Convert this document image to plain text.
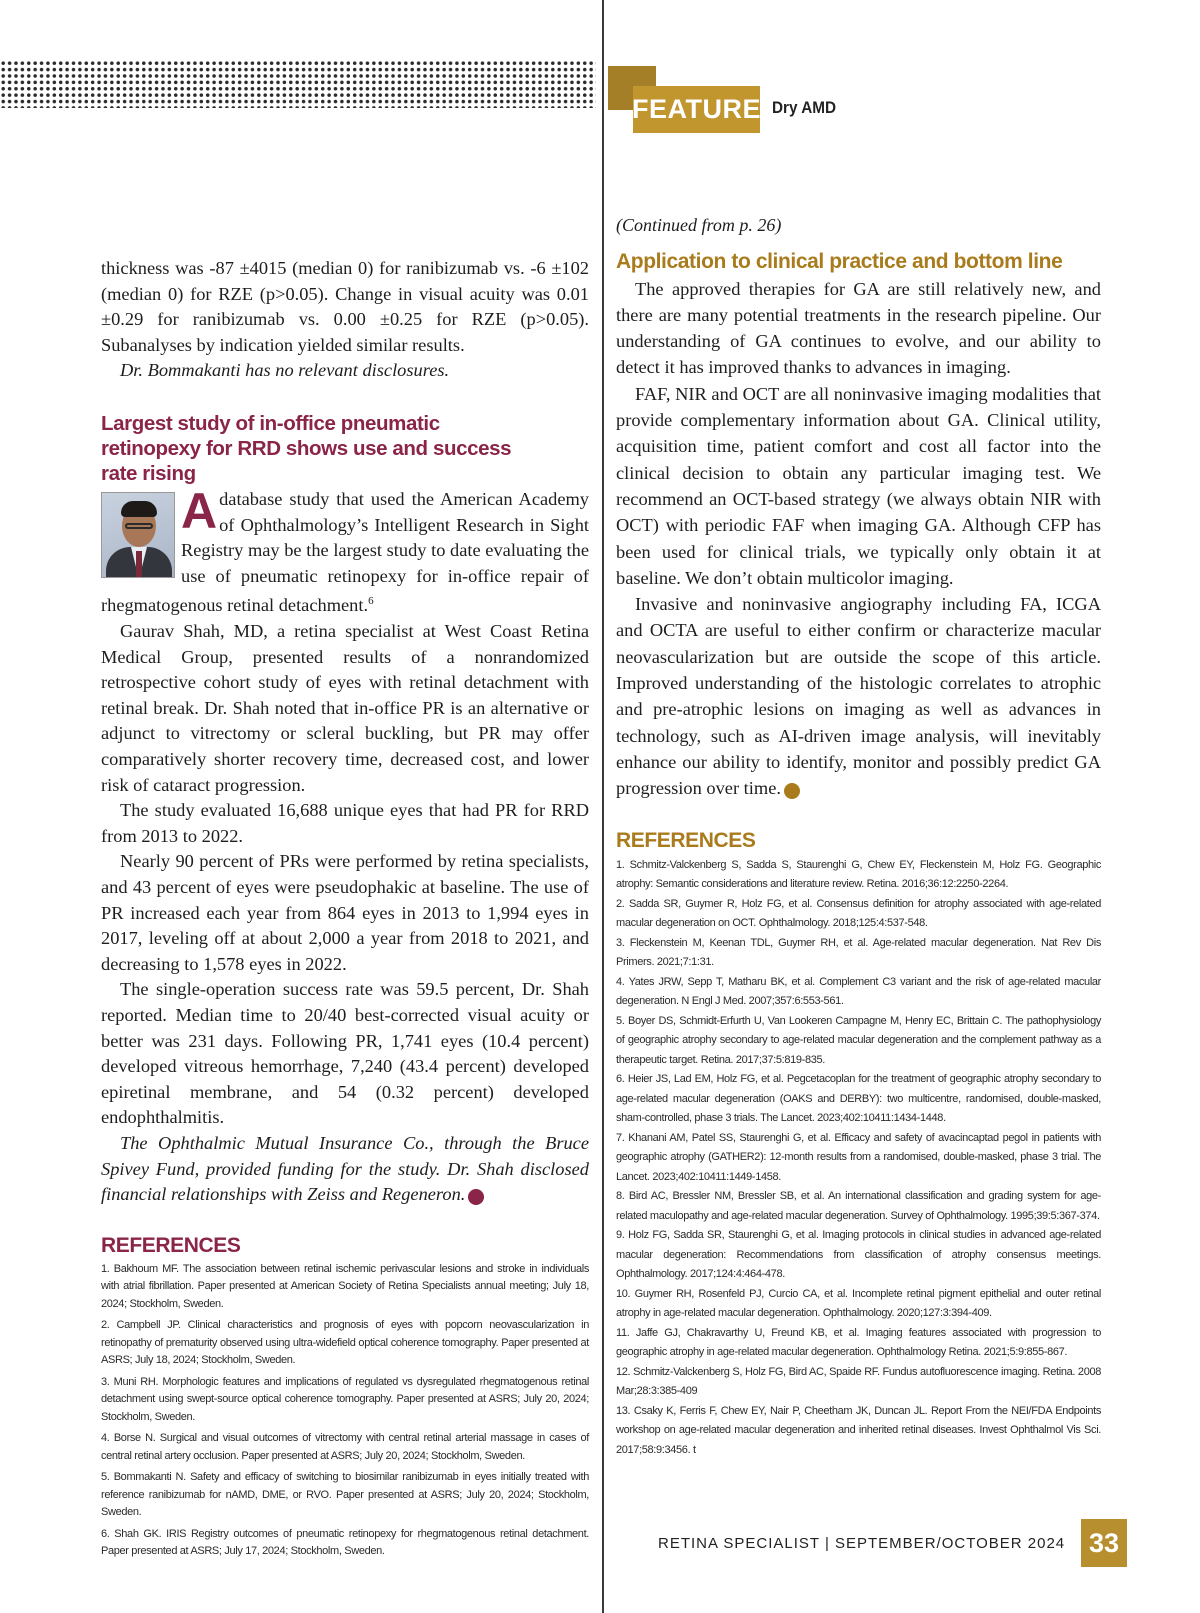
FEATURE Dry AMD

thickness was -87 ±4015 (median 0) for ranibizumab vs. -6 ±102 (median 0) for RZE (p>0.05). Change in visual acuity was 0.01 ±0.29 for ranibizumab vs. 0.00 ±0.25 for RZE (p>0.05). Subanalyses by indication yielded similar results.

Dr. Bommakanti has no relevant disclosures.

Largest study of in-office pneumatic retinopexy for RRD shows use and success rate rising
A database study that used the American Academy of Ophthalmology’s Intelligent Research in Sight Registry may be the largest study to date evaluating the use of pneumatic retinopexy for in-office repair of rhegmatogenous retinal detachment.$^6$

Gaurav Shah, MD, a retina specialist at West Coast Retina Medical Group, presented results of a nonrandomized retrospective cohort study of eyes with retinal detachment with retinal break. Dr. Shah noted that in-office PR is an alternative or adjunct to vitrectomy or scleral buckling, but PR may offer comparatively shorter recovery time, decreased cost, and lower risk of cataract progression.

The study evaluated 16,688 unique eyes that had PR for RRD from 2013 to 2022.

Nearly 90 percent of PRs were performed by retina specialists, and 43 percent of eyes were pseudophakic at baseline. The use of PR increased each year from 864 eyes in 2013 to 1,994 eyes in 2017, leveling off at about 2,000 a year from 2018 to 2021, and decreasing to 1,578 eyes in 2022.

The single-operation success rate was 59.5 percent, Dr. Shah reported. Median time to 20/40 best-corrected visual acuity or better was 231 days. Following PR, 1,741 eyes (10.4 percent) developed vitreous hemorrhage, 7,240 (43.4 percent) developed epiretinal membrane, and 54 (0.32 percent) developed endophthalmitis.

The Ophthalmic Mutual Insurance Co., through the Bruce Spivey Fund, provided funding for the study. Dr. Shah disclosed financial relationships with Zeiss and Regeneron.	RS

REFERENCES
1. Bakhoum MF. The association between retinal ischemic perivascular lesions and stroke in individuals with atrial fibrillation. Paper presented at American Society of Retina Specialists annual meeting; July 18, 2024; Stockholm, Sweden.
2. Campbell JP. Clinical characteristics and prognosis of eyes with popcorn neovascularization in retinopathy of prematurity observed using ultra-widefield optical coherence tomography. Paper presented at ASRS; July 18, 2024; Stockholm, Sweden.
3. Muni RH. Morphologic features and implications of regulated vs dysregulated rhegmatogenous retinal detachment using swept-source optical coherence tomography. Paper presented at ASRS; July 20, 2024; Stockholm, Sweden.
4. Borse N. Surgical and visual outcomes of vitrectomy with central retinal arterial massage in cases of central retinal artery occlusion. Paper presented at ASRS; July 20, 2024; Stockholm, Sweden.
5. Bommakanti N. Safety and efficacy of switching to biosimilar ranibizumab in eyes initially treated with reference ranibizumab for nAMD, DME, or RVO. Paper presented at ASRS; July 20, 2024; Stockholm, Sweden.
6. Shah GK. IRIS Registry outcomes of pneumatic retinopexy for rhegmatogenous retinal detachment. Paper presented at ASRS; July 17, 2024; Stockholm, Sweden.

(Continued from p. 26)

Application to clinical practice and bottom line

The approved therapies for GA are still relatively new, and there are many potential treatments in the research pipeline. Our understanding of GA continues to evolve, and our ability to detect it has improved thanks to advances in imaging.

FAF, NIR and OCT are all noninvasive imaging modalities that provide complementary information about GA. Clinical utility, acquisition time, patient comfort and cost all factor into the clinical decision to obtain any particular imaging test. We recommend an OCT-based strategy (we always obtain NIR with OCT) with periodic FAF when imaging GA. Although CFP has been used for clinical trials, we typically only obtain it at baseline. We don’t obtain multicolor imaging.

Invasive and noninvasive angiography including FA, ICGA and OCTA are useful to either confirm or characterize macular neovascularization but are outside the scope of this article. Improved understanding of the histologic correlates to atrophic and pre-atrophic lesions on imaging as well as advances in technology, such as AI-driven image analysis, will inevitably enhance our ability to identify, monitor and possibly predict GA progression over time.	RS

REFERENCES
1. Schmitz-Valckenberg S, Sadda S, Staurenghi G, Chew EY, Fleckenstein M, Holz FG. Geographic atrophy: Semantic considerations and literature review. Retina. 2016;36:12:2250-2264.
2. Sadda SR, Guymer R, Holz FG, et al. Consensus definition for atrophy associated with age-related macular degeneration on OCT. Ophthalmology. 2018;125:4:537-548.
3. Fleckenstein M, Keenan TDL, Guymer RH, et al. Age-related macular degeneration. Nat Rev Dis Primers. 2021;7:1:31.
4. Yates JRW, Sepp T, Matharu BK, et al. Complement C3 variant and the risk of age-related macular degeneration. N Engl J Med. 2007;357:6:553-561.
5. Boyer DS, Schmidt-Erfurth U, Van Lookeren Campagne M, Henry EC, Brittain C. The pathophysiology of geographic atrophy secondary to age-related macular degeneration and the complement pathway as a therapeutic target. Retina. 2017;37:5:819-835.
6. Heier JS, Lad EM, Holz FG, et al. Pegcetacoplan for the treatment of geographic atrophy secondary to age-related macular degeneration (OAKS and DERBY): two multicentre, randomised, double-masked, sham-controlled, phase 3 trials. The Lancet. 2023;402:10411:1434-1448.
7. Khanani AM, Patel SS, Staurenghi G, et al. Efficacy and safety of avacincaptad pegol in patients with geographic atrophy (GATHER2): 12-month results from a randomised, double-masked, phase 3 trial. The Lancet. 2023;402:10411:1449-1458.
8. Bird AC, Bressler NM, Bressler SB, et al. An international classification and grading system for age-related maculopathy and age-related macular degeneration. Survey of Ophthalmology. 1995;39:5:367-374.
9. Holz FG, Sadda SR, Staurenghi G, et al. Imaging protocols in clinical studies in advanced age-related macular degeneration: Recommendations from classification of atrophy consensus meetings. Ophthalmology. 2017;124:4:464-478.
10. Guymer RH, Rosenfeld PJ, Curcio CA, et al. Incomplete retinal pigment epithelial and outer retinal atrophy in age-related macular degeneration. Ophthalmology. 2020;127:3:394-409.
11. Jaffe GJ, Chakravarthy U, Freund KB, et al. Imaging features associated with progression to geographic atrophy in age-related macular degeneration. Ophthalmology Retina. 2021;5:9:855-867.
12. Schmitz-Valckenberg S, Holz FG, Bird AC, Spaide RF. Fundus autofluorescence imaging. Retina. 2008 Mar;28:3:385-409
13. Csaky K, Ferris F, Chew EY, Nair P, Cheetham JK, Duncan JL. Report From the NEI/FDA Endpoints workshop on age-related macular degeneration and inherited retinal diseases. Invest Ophthalmol Vis Sci. 2017;58:9:3456. t
RETINA SPECIALIST | SEPTEMBER/OCTOBER 2024 33
